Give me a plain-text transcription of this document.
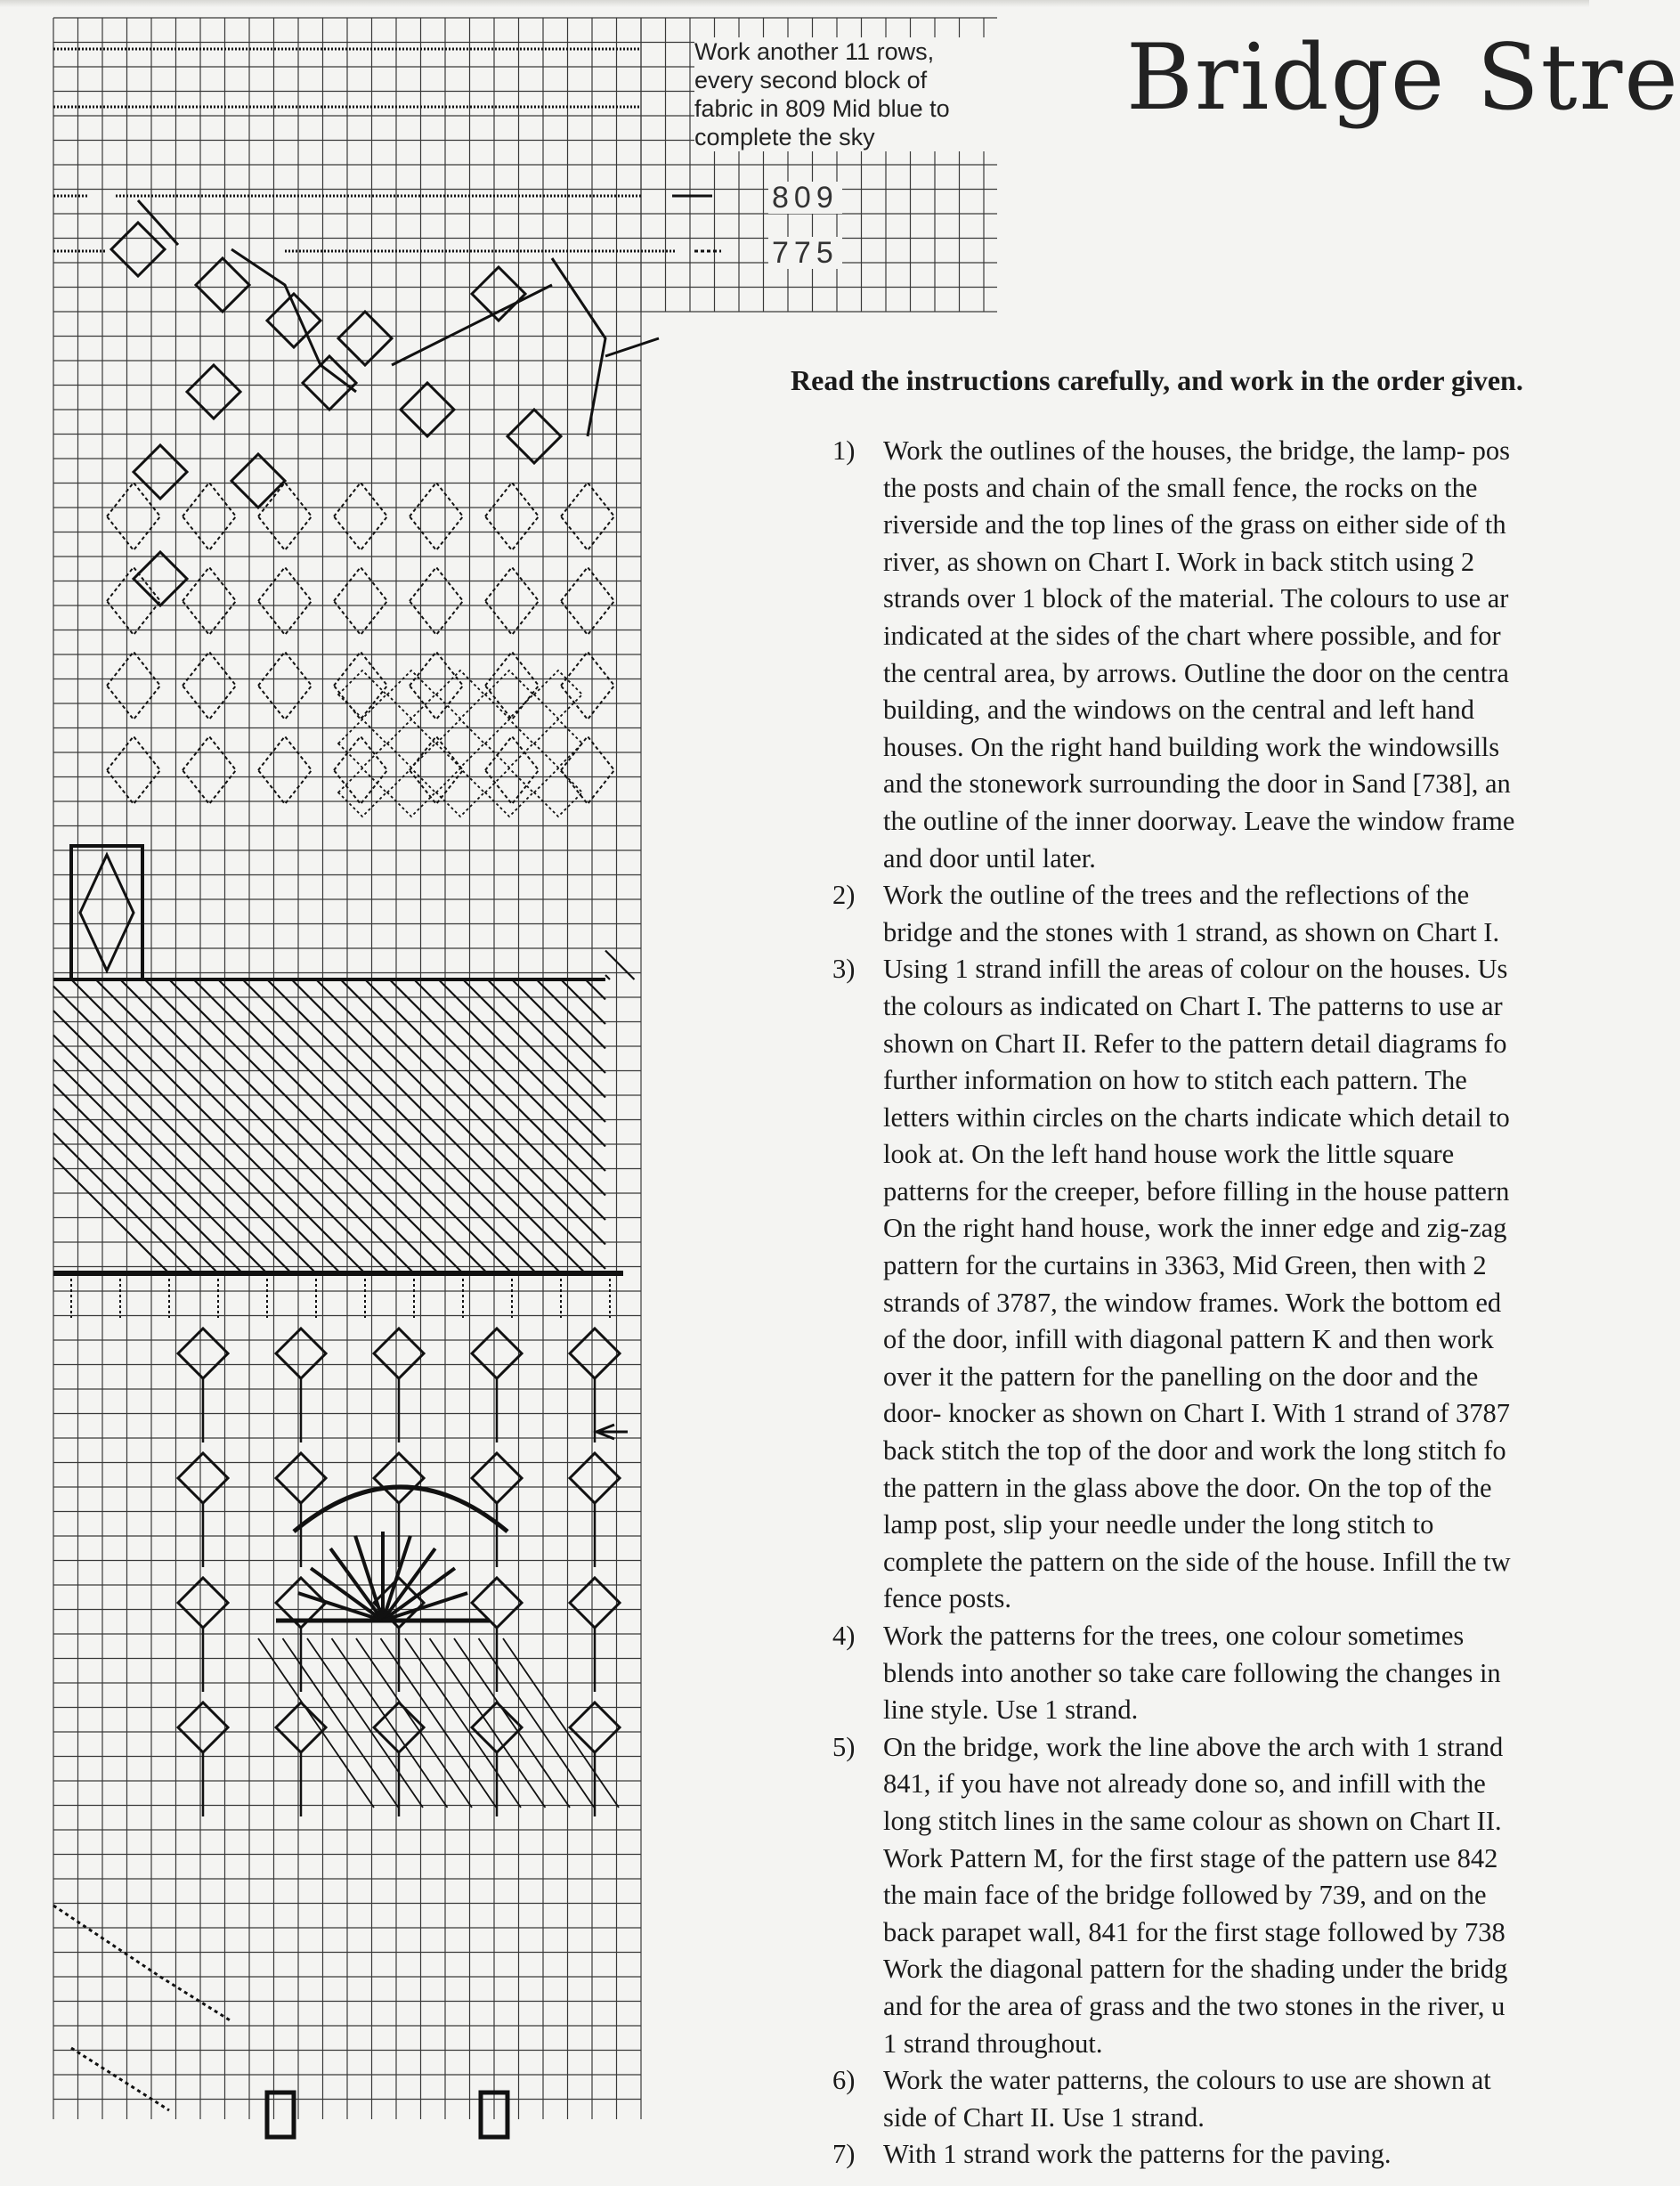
Work another 11 rows,
every second block of
fabric in 809 Mid blue to
complete the sky
809
775
Bridge Stre
Read the instructions carefully, and work in the order given.
1) Work the outlines of the houses, the bridge, the lamp- pos
the posts and chain of the small fence, the rocks on the
riverside and the top lines of the grass on either side of th
river, as shown on Chart I. Work in back stitch using 2
strands over 1 block of the material. The colours to use ar
indicated at the sides of the chart where possible, and for
the central area, by arrows. Outline the door on the centra
building, and the windows on the central and left hand
houses. On the right hand building work the windowsills
and the stonework surrounding the door in Sand [738], an
the outline of the inner doorway. Leave the window frame
and door until later.
2) Work the outline of the trees and the reflections of the
bridge and the stones with 1 strand, as shown on Chart I.
3) Using 1 strand infill the areas of colour on the houses. Us
the colours as indicated on Chart I. The patterns to use ar
shown on Chart II. Refer to the pattern detail diagrams fo
further information on how to stitch each pattern. The
letters within circles on the charts indicate which detail to
look at. On the left hand house work the little square
patterns for the creeper, before filling in the house pattern
On the right hand house, work the inner edge and zig-zag
pattern for the curtains in 3363, Mid Green, then with 2
strands of 3787, the window frames. Work the bottom ed
of the door, infill with diagonal pattern K and then work
over it the pattern for the panelling on the door and the
door- knocker as shown on Chart I. With 1 strand of 3787
back stitch the top of the door and work the long stitch fo
the pattern in the glass above the door. On the top of the
lamp post, slip your needle under the long stitch to
complete the pattern on the side of the house. Infill the tw
fence posts.
4) Work the patterns for the trees, one colour sometimes
blends into another so take care following the changes in
line style. Use 1 strand.
5) On the bridge, work the line above the arch with 1 strand
841, if you have not already done so, and infill with the
long stitch lines in the same colour as shown on Chart II.
Work Pattern M, for the first stage of the pattern use 842
the main face of the bridge followed by 739, and on the
back parapet wall, 841 for the first stage followed by 738
Work the diagonal pattern for the shading under the bridg
and for the area of grass and the two stones in the river, u
1 strand throughout.
6) Work the water patterns, the colours to use are shown at
side of Chart II. Use 1 strand.
7) With 1 strand work the patterns for the paving.
